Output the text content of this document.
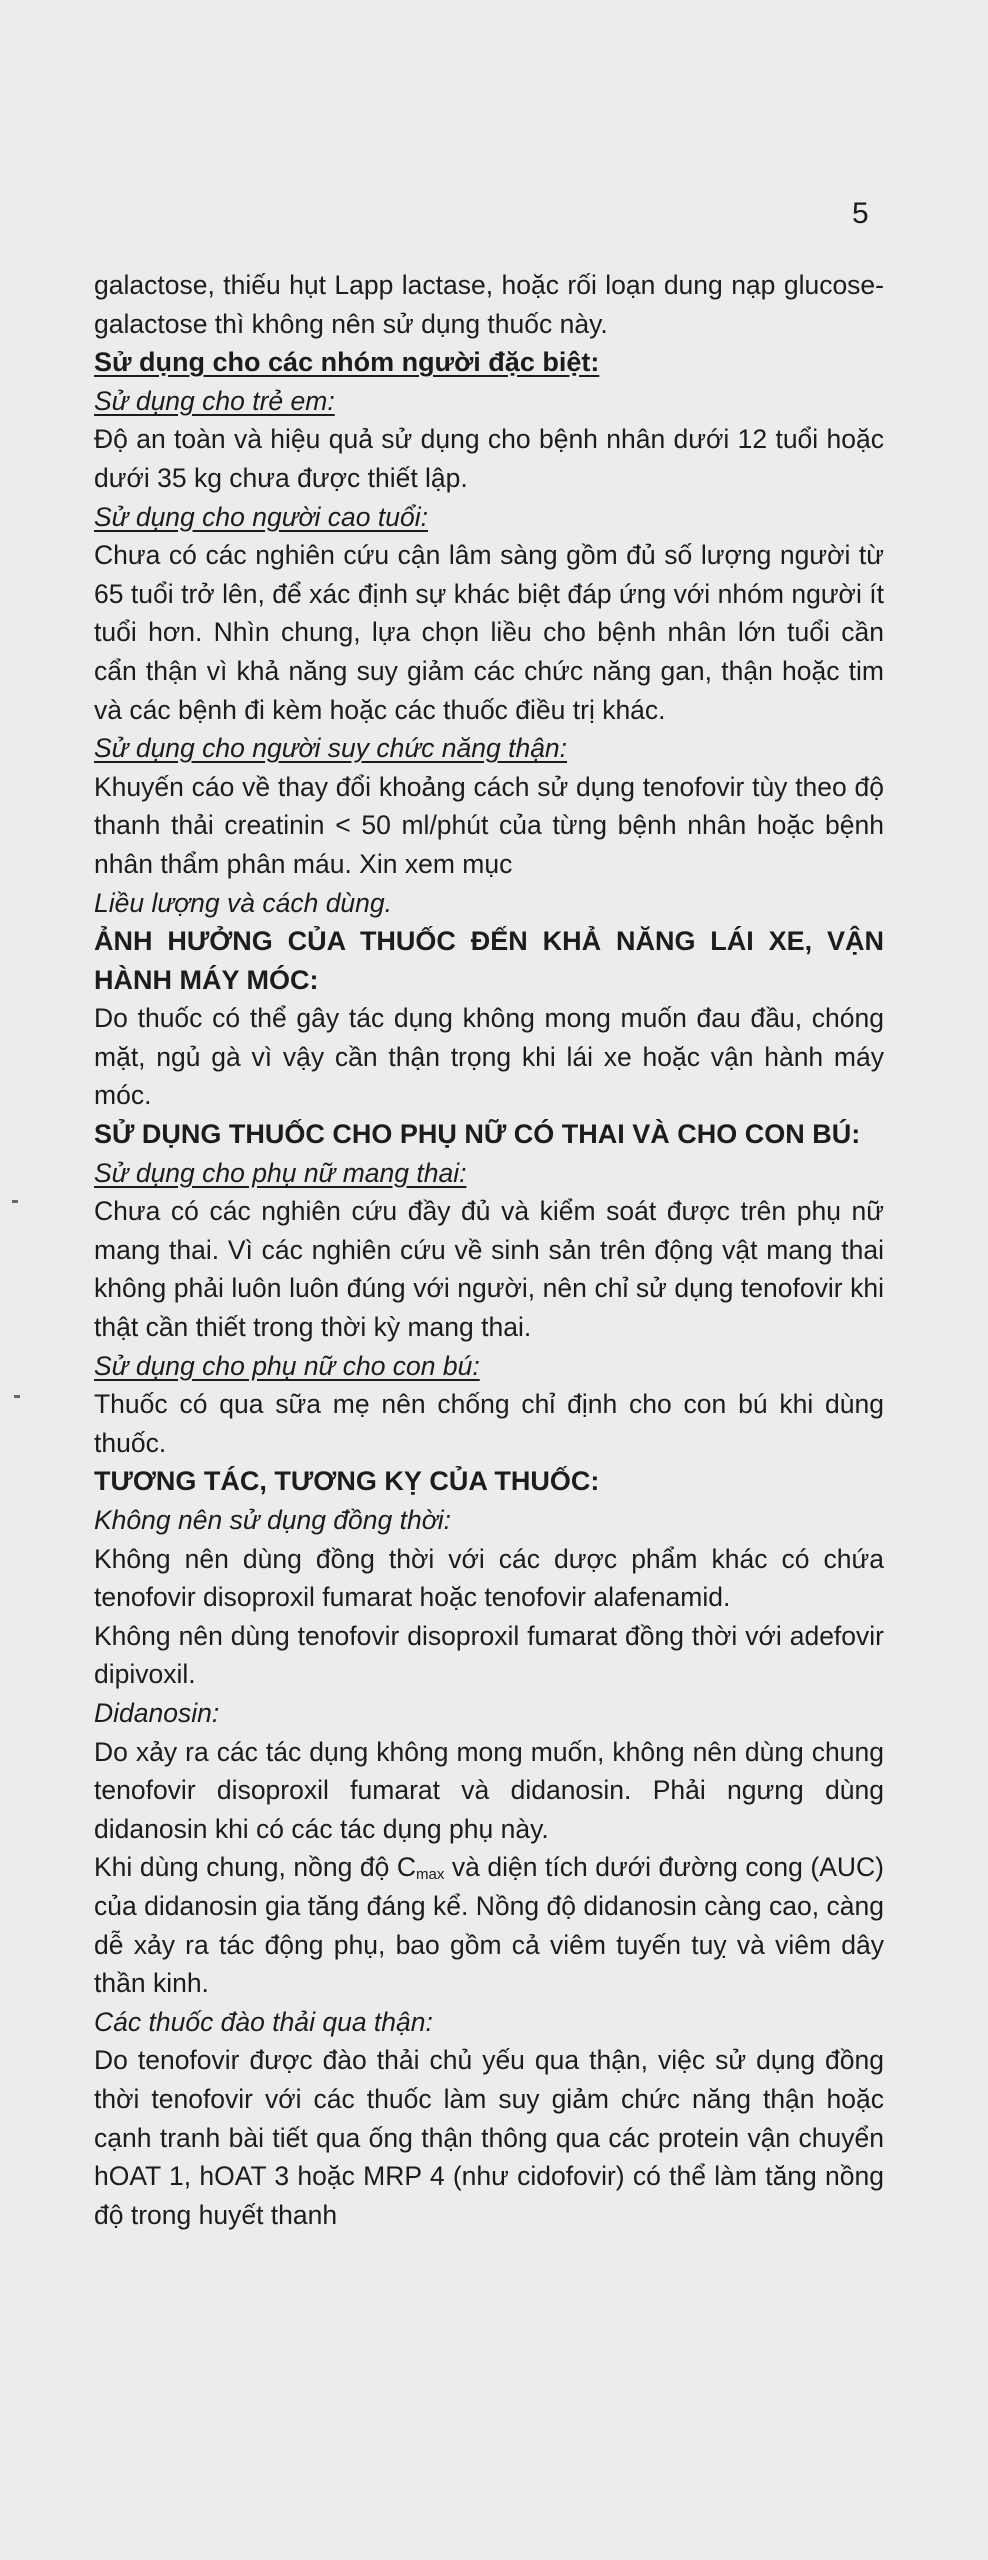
5

galactose, thiếu hụt Lapp lactase, hoặc rối loạn dung nạp glucose-galactose thì không nên sử dụng thuốc này.

Sử dụng cho các nhóm người đặc biệt:

Sử dụng cho trẻ em:

Độ an toàn và hiệu quả sử dụng cho bệnh nhân dưới 12 tuổi hoặc dưới 35 kg chưa được thiết lập.

Sử dụng cho người cao tuổi:

Chưa có các nghiên cứu cận lâm sàng gồm đủ số lượng người từ 65 tuổi trở lên, để xác định sự khác biệt đáp ứng với nhóm người ít tuổi hơn. Nhìn chung, lựa chọn liều cho bệnh nhân lớn tuổi cần cẩn thận vì khả năng suy giảm các chức năng gan, thận hoặc tim và các bệnh đi kèm hoặc các thuốc điều trị khác.

Sử dụng cho người suy chức năng thận:

Khuyến cáo về thay đổi khoảng cách sử dụng tenofovir tùy theo độ thanh thải creatinin < 50 ml/phút của từng bệnh nhân hoặc bệnh nhân thẩm phân máu. Xin xem mục

Liều lượng và cách dùng.

ẢNH HƯỞNG CỦA THUỐC ĐẾN KHẢ NĂNG LÁI XE, VẬN HÀNH MÁY MÓC:

Do thuốc có thể gây tác dụng không mong muốn đau đầu, chóng mặt, ngủ gà vì vậy cần thận trọng khi lái xe hoặc vận hành máy móc.

SỬ DỤNG THUỐC CHO PHỤ NỮ CÓ THAI VÀ CHO CON BÚ:

Sử dụng cho phụ nữ mang thai:

Chưa có các nghiên cứu đầy đủ và kiểm soát được trên phụ nữ mang thai. Vì các nghiên cứu về sinh sản trên động vật mang thai không phải luôn luôn đúng với người, nên chỉ sử dụng tenofovir khi thật cần thiết trong thời kỳ mang thai.

Sử dụng cho phụ nữ cho con bú:

Thuốc có qua sữa mẹ nên chống chỉ định cho con bú khi dùng thuốc.

TƯƠNG TÁC, TƯƠNG KỴ CỦA THUỐC:

Không nên sử dụng đồng thời:

Không nên dùng đồng thời với các dược phẩm khác có chứa tenofovir disoproxil fumarat hoặc tenofovir alafenamid.

Không nên dùng tenofovir disoproxil fumarat đồng thời với adefovir dipivoxil.

Didanosin:

Do xảy ra các tác dụng không mong muốn, không nên dùng chung tenofovir disoproxil fumarat và didanosin. Phải ngưng dùng didanosin khi có các tác dụng phụ này.

Khi dùng chung, nồng độ $C_{max}$ và diện tích dưới đường cong (AUC) của didanosin gia tăng đáng kể. Nồng độ didanosin càng cao, càng dễ xảy ra tác động phụ, bao gồm cả viêm tuyến tuỵ và viêm dây thần kinh.

Các thuốc đào thải qua thận:

Do tenofovir được đào thải chủ yếu qua thận, việc sử dụng đồng thời tenofovir với các thuốc làm suy giảm chức năng thận hoặc cạnh tranh bài tiết qua ống thận thông qua các protein vận chuyển hOAT 1, hOAT 3 hoặc MRP 4 (như cidofovir) có thể làm tăng nồng độ trong huyết thanh
